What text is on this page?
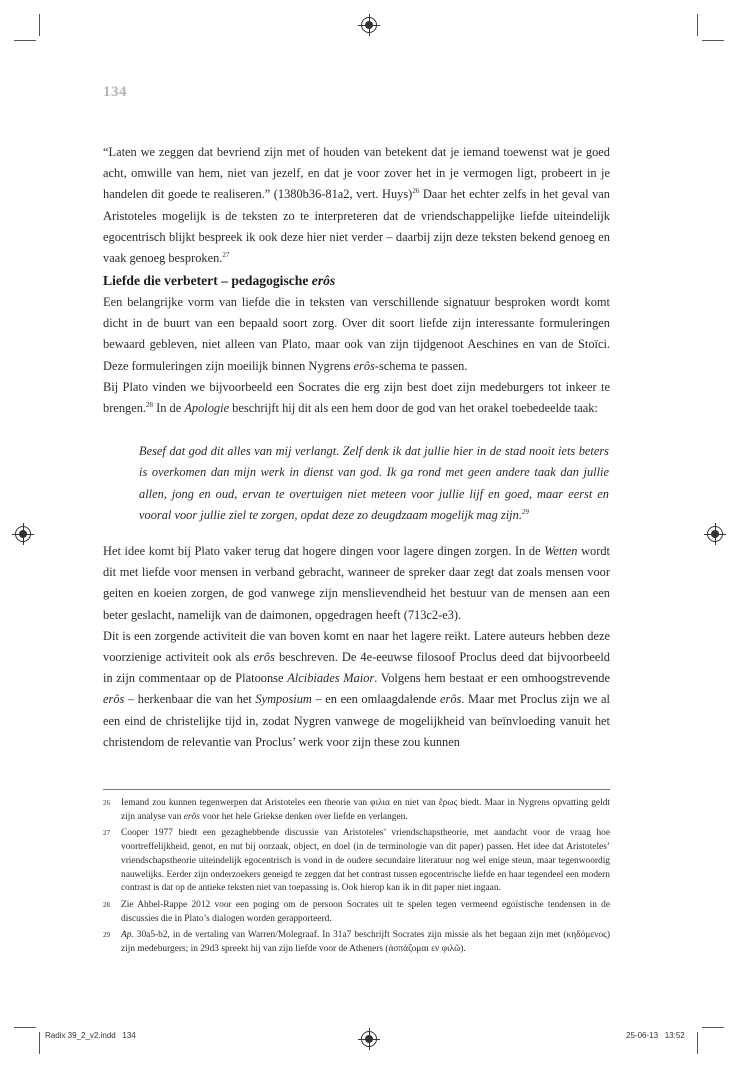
134

“Laten we zeggen dat bevriend zijn met of houden van betekent dat je iemand toewenst wat je goed acht, omwille van hem, niet van jezelf, en dat je voor zover het in je vermogen ligt, probeert in je handelen dit goede te realiseren.” (1380b36-81a2, vert. Huys)$^{26}$ Daar het echter zelfs in het geval van Aristoteles mogelijk is de teksten zo te interpreteren dat de vriendschappelijke liefde uiteindelijk egocentrisch blijkt bespreek ik ook deze hier niet verder – daarbij zijn deze teksten bekend genoeg en vaak genoeg besproken.$^{27}$

Liefde die verbetert – pedagogische erôs

Een belangrijke vorm van liefde die in teksten van verschillende signatuur besproken wordt komt dicht in de buurt van een bepaald soort zorg. Over dit soort liefde zijn interessante formuleringen bewaard gebleven, niet alleen van Plato, maar ook van zijn tijdgenoot Aeschines en van de Stoïci. Deze formuleringen zijn moeilijk binnen Nygrens erôs-schema te passen.

Bij Plato vinden we bijvoorbeeld een Socrates die erg zijn best doet zijn medeburgers tot inkeer te brengen.$^{28}$ In de Apologie beschrijft hij dit als een hem door de god van het orakel toebedeelde taak:

Besef dat god dit alles van mij verlangt. Zelf denk ik dat jullie hier in de stad nooit iets beters is overkomen dan mijn werk in dienst van god. Ik ga rond met geen andere taak dan jullie allen, jong en oud, ervan te overtuigen niet meteen voor jullie lijf en goed, maar eerst en vooral voor jullie ziel te zorgen, opdat deze zo deugdzaam mogelijk mag zijn.$^{29}$

Het idee komt bij Plato vaker terug dat hogere dingen voor lagere dingen zorgen. In de Wetten wordt dit met liefde voor mensen in verband gebracht, wanneer de spreker daar zegt dat zoals mensen voor geiten en koeien zorgen, de god vanwege zijn menslievendheid het bestuur van de mensen aan een beter geslacht, namelijk van de daimonen, opgedragen heeft (713c2-e3).

Dit is een zorgende activiteit die van boven komt en naar het lagere reikt. Latere auteurs hebben deze voorzienige activiteit ook als erôs beschreven. De 4e-eeuwse filosoof Proclus deed dat bijvoorbeeld in zijn commentaar op de Platoonse Alcibiades Maior. Volgens hem bestaat er een omhoogstrevende erôs – herkenbaar die van het Symposium – en een omlaagdalende erôs. Maar met Proclus zijn we al een eind de christelijke tijd in, zodat Nygren vanwege de mogelijkheid van beïnvloeding vanuit het christendom de relevantie van Proclus’ werk voor zijn these zou kunnen

26 Iemand zou kunnen tegenwerpen dat Aristoteles een theorie van φιλια en niet van ἔρως biedt. Maar in Nygrens opvatting geldt zijn analyse van erôs voor het hele Griekse denken over liefde en verlangen.
27 Cooper 1977 biedt een gezaghebbende discussie van Aristoteles’ vriendschapstheorie, met aandacht voor de vraag hoe voortreffelijkheid, genot, en nut bij oorzaak, object, en doel (in de terminologie van dit paper) passen. Het idee dat Aristoteles’ vriendschapstheorie uiteindelijk egocentrisch is vond in de oudere secundaire literatuur nog wel enige steun, maar tegenwoordig nauwelijks. Eerder zijn onderzoekers geneigd te zeggen dat het contrast tussen egocentrische liefde en haar tegendeel een modern contrast is dat op de antieke teksten niet van toepassing is. Ook hierop kan ik in dit paper niet ingaan.
28 Zie Ahbel-Rappe 2012 voor een poging om de persoon Socrates uit te spelen tegen vermeend egoïstische tendensen in de discussies die in Plato’s dialogen worden gerapporteerd.
29 Ap. 30a5-b2, in de vertaling van Warren/Molegraaf. In 31a7 beschrijft Socrates zijn missie als het begaan zijn met (κηδόμενος) zijn medeburgers; in 29d3 spreekt hij van zijn liefde voor de Atheners (ἀσπάζομαι εν φιλῶ).
Radix 39_2_v2.indd   134	25-06-13   13:52
